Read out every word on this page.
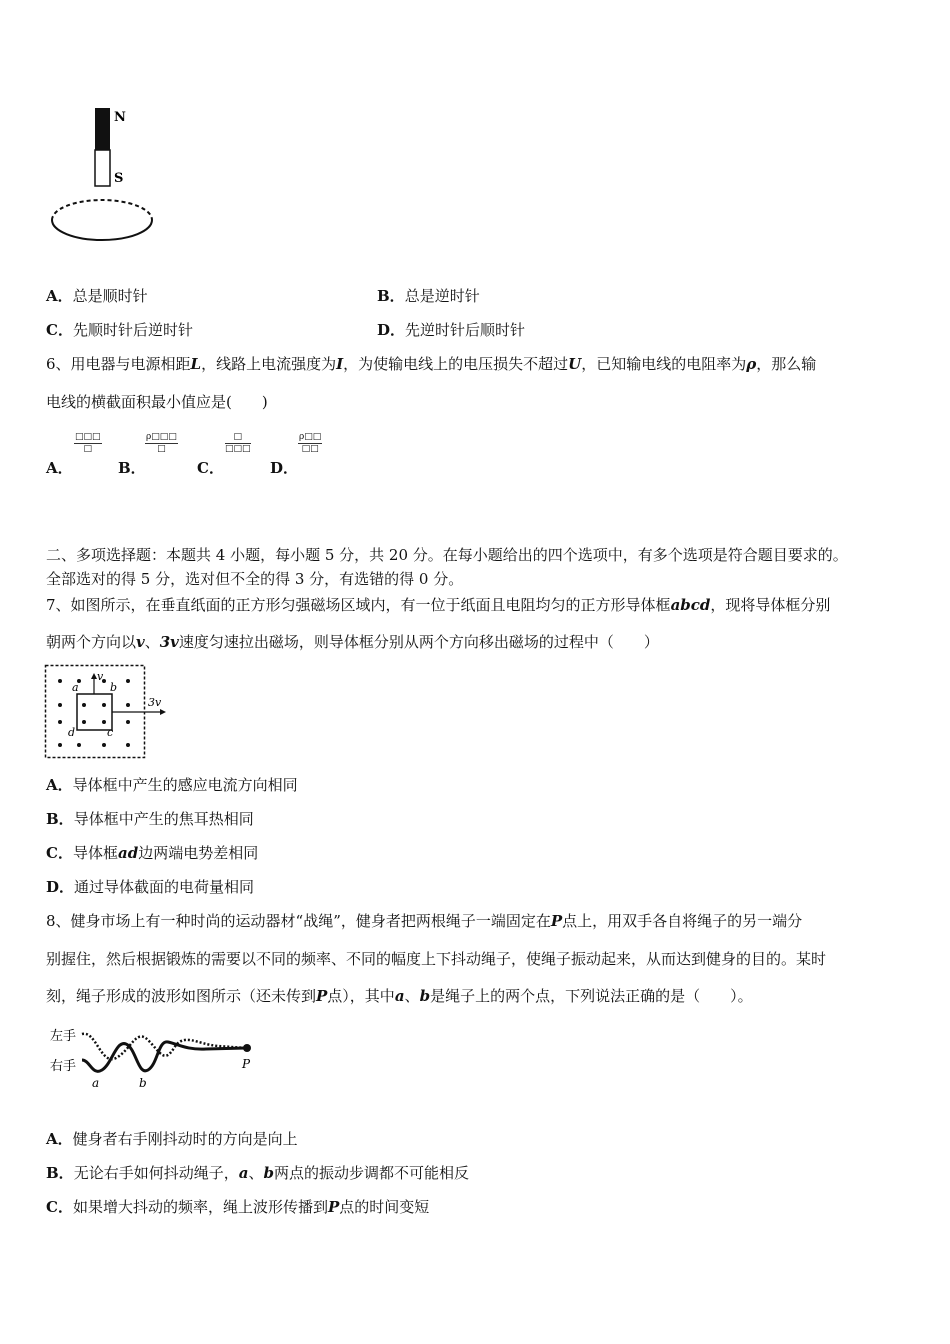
N
S
A．总是顺时针	B．总是逆时针
C．先顺时针后逆时针	D．先逆时针后顺时针
6、用电器与电源相距L，线路上电流强度为I，为使输电线上的电压损失不超过U，已知输电线的电阻率为ρ，那么输
电线的横截面积最小值应是(　　)
A．
□□□
□
B．
ρ□□□
□
C．
□
□□□
D．
ρ□□
□□
二、多项选择题：本题共 4 小题，每小题 5 分，共 20 分。在每小题给出的四个选项中，有多个选项是符合题目要求的。
全部选对的得 5 分，选对但不全的得 3 分，有选错的得 0 分。
7、如图所示，在垂直纸面的正方形匀强磁场区域内，有一位于纸面且电阻均匀的正方形导体框abcd，现将导体框分别
朝两个方向以v、3v速度匀速拉出磁场，则导体框分别从两个方向移出磁场的过程中（　　）
v
3v
a	b
c
d
A．导体框中产生的感应电流方向相同
B．导体框中产生的焦耳热相同
C．导体框ad边两端电势差相同
D．通过导体截面的电荷量相同
8、健身市场上有一种时尚的运动器材“战绳”，健身者把两根绳子一端固定在P点上，用双手各自将绳子的另一端分
别握住，然后根据锻炼的需要以不同的频率、不同的幅度上下抖动绳子，使绳子振动起来，从而达到健身的目的。某时
刻，绳子形成的波形如图所示（还未传到P点），其中a、b是绳子上的两个点，下列说法正确的是（　　）。
左手
右手
a	b
P
A．健身者右手刚抖动时的方向是向上
B．无论右手如何抖动绳子，a、b两点的振动步调都不可能相反
C．如果增大抖动的频率，绳上波形传播到P点的时间变短
